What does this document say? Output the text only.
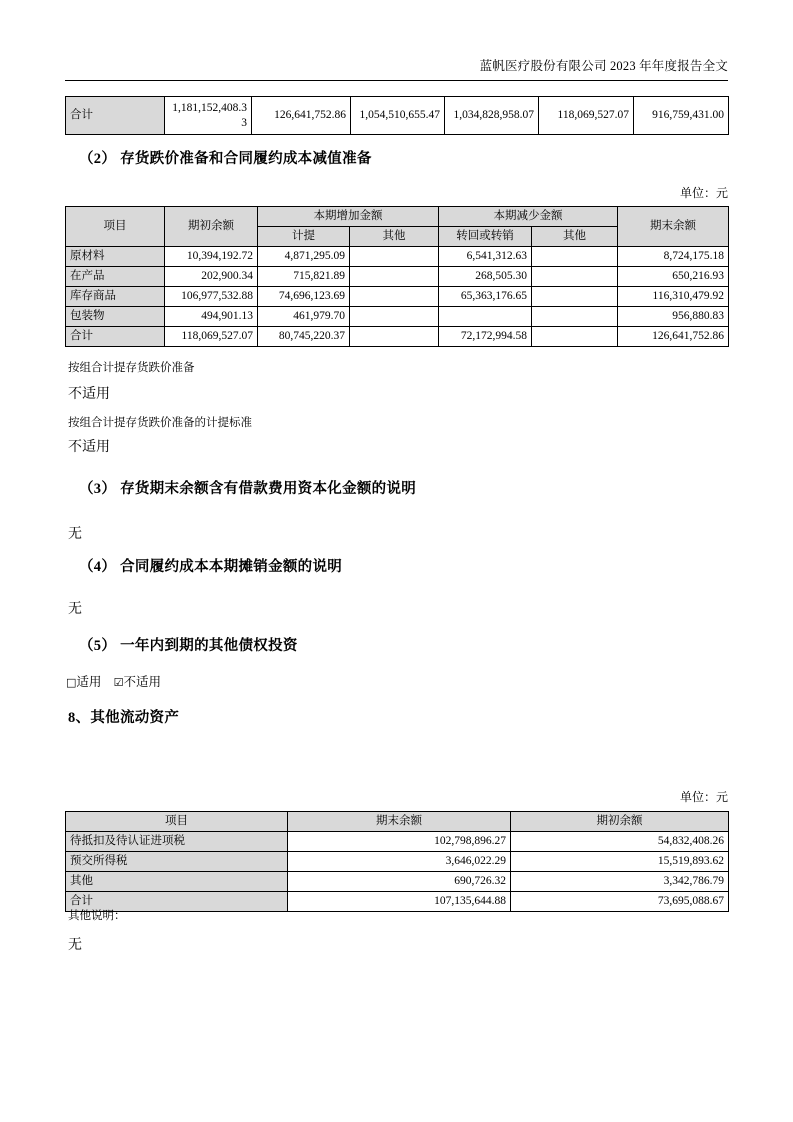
蓝帆医疗股份有限公司 2023 年年度报告全文
合计	1,181,152,408.33	126,641,752.86	1,054,510,655.47	1,034,828,958.07	118,069,527.07	916,759,431.00
（2） 存货跌价准备和合同履约成本减值准备
单位：元
项目	期初余额	本期增加金额		本期减少金额		期末余额
		计提	其他	转回或转销	其他	
原材料	10,394,192.72	4,871,295.09		6,541,312.63		8,724,175.18
在产品	202,900.34	715,821.89		268,505.30		650,216.93
库存商品	106,977,532.88	74,696,123.69		65,363,176.65		116,310,479.92
包装物	494,901.13	461,979.70				956,880.83
合计	118,069,527.07	80,745,220.37		72,172,994.58		126,641,752.86
按组合计提存货跌价准备
不适用
按组合计提存货跌价准备的计提标准
不适用
（3） 存货期末余额含有借款费用资本化金额的说明
无
（4） 合同履约成本本期摊销金额的说明
无
（5） 一年内到期的其他债权投资
□适用 ☑不适用
8、其他流动资产
单位：元
项目	期末余额	期初余额
待抵扣及待认证进项税	102,798,896.27	54,832,408.26
预交所得税	3,646,022.29	15,519,893.62
其他	690,726.32	3,342,786.79
合计	107,135,644.88	73,695,088.67
其他说明：
无
